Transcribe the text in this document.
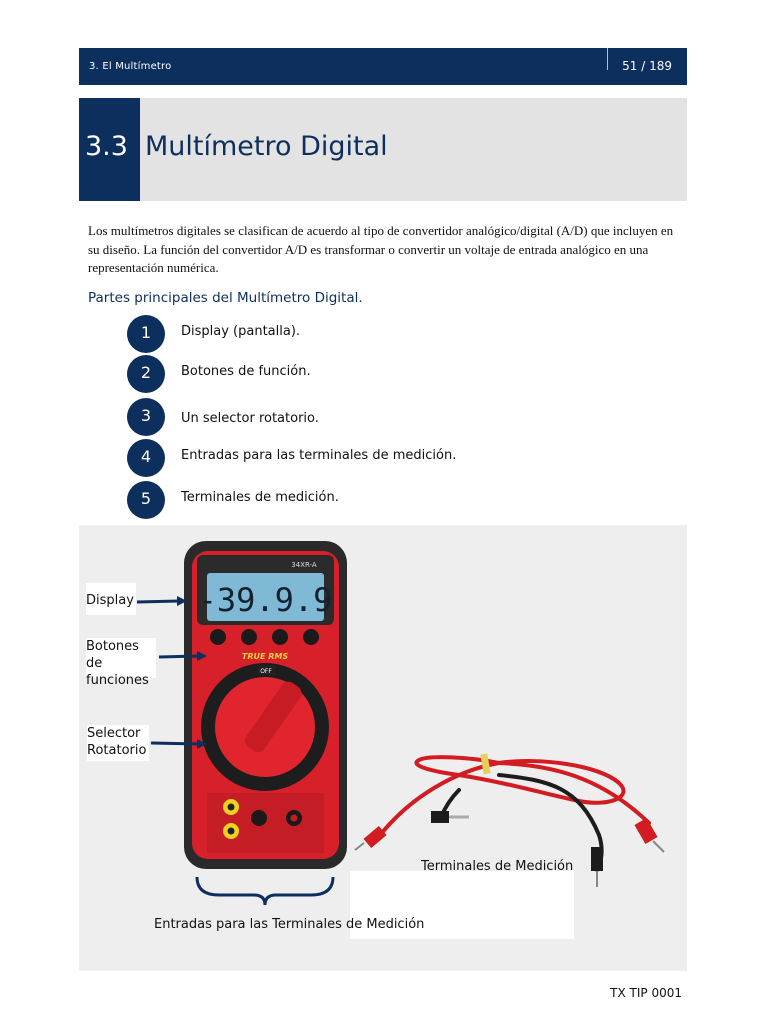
3. El Multímetro	51 / 189
3.3 Multímetro Digital
Los multímetros digitales se clasifican de acuerdo al tipo de convertidor analógico/digital (A/D) que incluyen en su diseño. La función del convertidor A/D es transformar o convertir un voltaje de entrada analógico en una representación numérica.
Partes principales del Multímetro Digital.
1	Display (pantalla).
2	Botones de función.
3	Un selector rotatorio.
4	Entradas para las terminales de medición.
5	Terminales de medición.
-39.9.9
34XR-A
TRUE RMS
OFF
Display
Botones de
funciones
Selector
Rotatorio
Terminales de Medición
Entradas para las Terminales de Medición
TX TIP 0001
